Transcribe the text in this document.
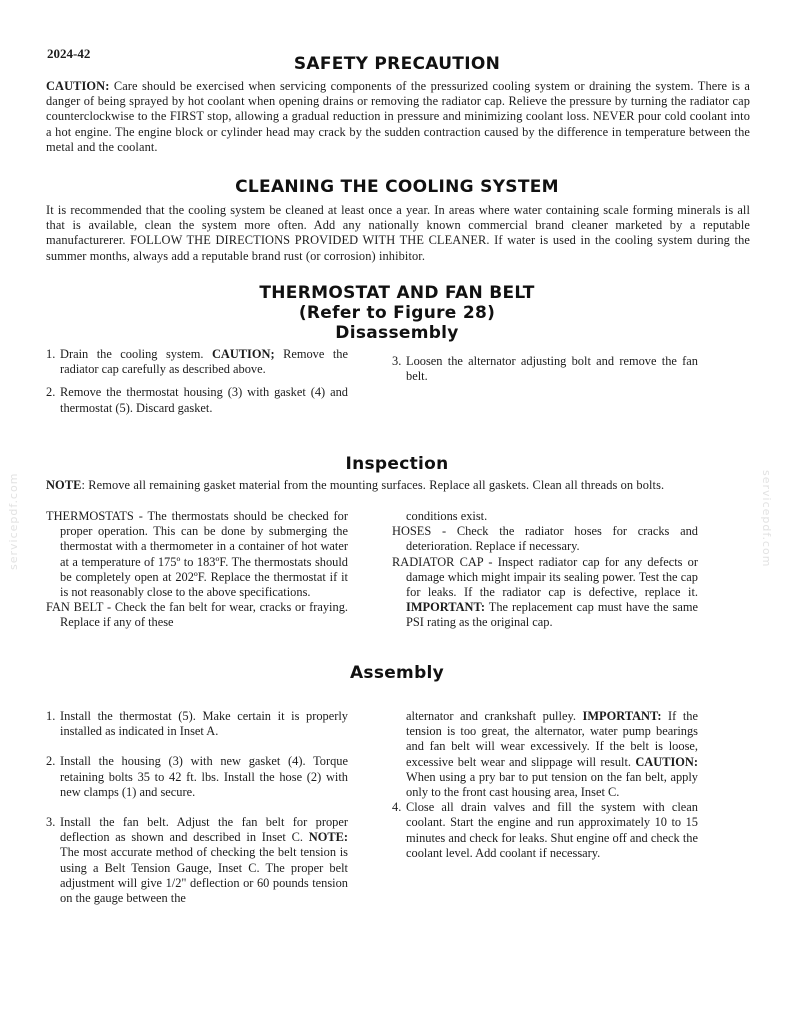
servicepdf.com	servicepdf.com
2024-42
SAFETY PRECAUTION

CAUTION: Care should be exercised when servicing components of the pressurized cooling system or draining the system. There is a danger of being sprayed by hot coolant when opening drains or removing the radiator cap. Relieve the pressure by turning the radiator cap counterclockwise to the FIRST stop, allowing a gradual reduction in pressure and minimizing coolant loss. NEVER pour cold coolant into a hot engine. The engine block or cylinder head may crack by the sudden contraction caused by the difference in temperature between the metal and the coolant.

CLEANING THE COOLING SYSTEM

It is recommended that the cooling system be cleaned at least once a year. In areas where water containing scale forming minerals is all that is available, clean the system more often. Add any nationally known commercial brand cleaner marketed by a reputable manufacturerer. FOLLOW THE DIRECTIONS PROVIDED WITH THE CLEANER. If water is used in the cooling system during the summer months, always add a reputable brand rust (or corrosion) inhibitor.

THERMOSTAT AND FAN BELT
(Refer to Figure 28)
Disassembly
1. Drain the cooling system. CAUTION; Remove the radiator cap carefully as described above.
2. Remove the thermostat housing (3) with gasket (4) and thermostat (5). Discard gasket.
3. Loosen the alternator adjusting bolt and remove the fan belt.
Inspection

NOTE: Remove all remaining gasket material from the mounting surfaces. Replace all gaskets. Clean all threads on bolts.

THERMOSTATS - The thermostats should be checked for proper operation. This can be done by submerging the thermostat with a thermometer in a container of hot water at a temperature of 175º to 183ºF. The thermostats should be completely open at 202ºF. Replace the thermostat if it is not reasonably close to the above specifications.
FAN BELT - Check the fan belt for wear, cracks or fraying. Replace if any of these
conditions exist.
HOSES - Check the radiator hoses for cracks and deterioration. Replace if necessary.
RADIATOR CAP - Inspect radiator cap for any defects or damage which might impair its sealing power. Test the cap for leaks. If the radiator cap is defective, replace it. IMPORTANT: The replacement cap must have the same PSI rating as the original cap.
Assembly
1. Install the thermostat (5). Make certain it is properly installed as indicated in Inset A.
2. Install the housing (3) with new gasket (4). Torque retaining bolts 35 to 42 ft. lbs. Install the hose (2) with new clamps (1) and secure.
3. Install the fan belt. Adjust the fan belt for proper deflection as shown and described in Inset C. NOTE: The most accurate method of checking the belt tension is using a Belt Tension Gauge, Inset C. The proper belt adjustment will give 1/2" deflection or 60 pounds tension on the gauge between the
alternator and crankshaft pulley. IMPORTANT: If the tension is too great, the alternator, water pump bearings and fan belt will wear excessively. If the belt is loose, excessive belt wear and slippage will result. CAUTION: When using a pry bar to put tension on the fan belt, apply only to the front cast housing area, Inset C.
4. Close all drain valves and fill the system with clean coolant. Start the engine and run approximately 10 to 15 minutes and check for leaks. Shut engine off and check the coolant level. Add coolant if necessary.
